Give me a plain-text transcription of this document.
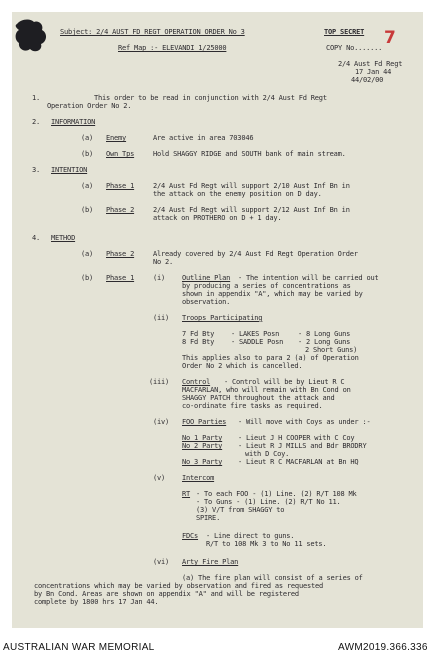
Subject: 2/4 AUST FD REGT OPERATION ORDER No 3	TOP SECRET
Ref Map :- ELEVANDI 1/25000	COPY No....... 7
2/4 Aust Fd Regt
17 Jan 44
44/02/00
1.	This order to be read in conjunction with 2/4 Aust Fd Regt
Operation Order No 2.
2. INFORMATION
(a) Enemy	Are active in area 703046
(b) Own Tps	Hold SHAGGY RIDGE and SOUTH bank of main stream.
3. INTENTION
(a) Phase 1	2/4 Aust Fd Regt will support 2/10 Aust Inf Bn in
the attack on the enemy position on D day.
(b) Phase 2	2/4 Aust Fd Regt will support 2/12 Aust Inf Bn in
attack on PROTHERO on D + 1 day.
4. METHOD
(a) Phase 2	Already covered by 2/4 Aust Fd Regt Operation Order
No 2.
(b) Phase 1	(i) Outline Plan - The intention will be carried out
by producing a series of concentrations as
shown in appendix "A", which may be varied by
observation.
(ii) Troops Participating
7 Fd Bty - LAKES Posn	- 8 Long Guns
8 Fd Bty - SADDLE Posn - 2 Long Guns
2 Short Guns)
This applies also to para 2 (a) of Operation
Order No 2 which is cancelled.
(iii) Control - Control will be by Lieut R C
MACFARLAN, who will remain with Bn Cond on
SHAGGY PATCH throughout the attack and
co-ordinate fire tasks as required.
(iv) FOO Parties - Will move with Coys as under :-
No 1 Party - Lieut J H COOPER with C Coy
No 2 Party - Lieut R J MILLS and Bdr BRODRY
with D Coy.
No 3 Party - Lieut R C MACFARLAN at Bn HQ
(v) Intercom
RT - To each FOO - (1) Line. (2) R/T 108 Mk
- To Guns - (1) Line. (2) R/T No 11.
(3) V/T from SHAGGY to
SPIRE.
FDCs - Line direct to guns.
R/T to 108 Mk 3 to No 11 sets.
(vi) Arty Fire Plan
(a) The fire plan will consist of a series of
concentrations which may be varied by observation and fired as requested
by Bn Cond. Areas are shown on appendix "A" and will be registered
complete by 1800 hrs 17 Jan 44.
AUSTRALIAN WAR MEMORIAL	AWM2019.366.336
